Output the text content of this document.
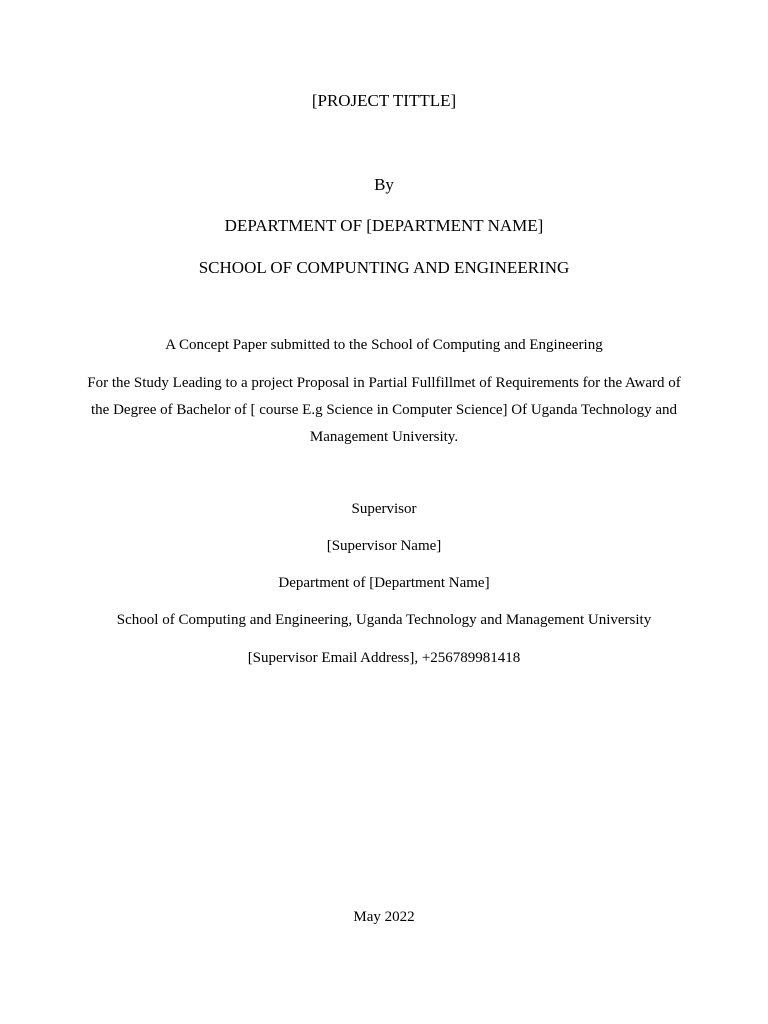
[PROJECT TITTLE]
By
DEPARTMENT OF [DEPARTMENT NAME]
SCHOOL OF COMPUNTING AND ENGINEERING
A Concept Paper submitted to the School of Computing and Engineering
For the Study Leading to a project Proposal in Partial Fullfillmet of Requirements for the Award of the Degree of Bachelor of [ course E.g Science in Computer Science] Of Uganda Technology and Management University.
Supervisor
[Supervisor Name]
Department of [Department Name]
School of Computing and Engineering, Uganda Technology and Management University
[Supervisor Email Address], +256789981418
May 2022
